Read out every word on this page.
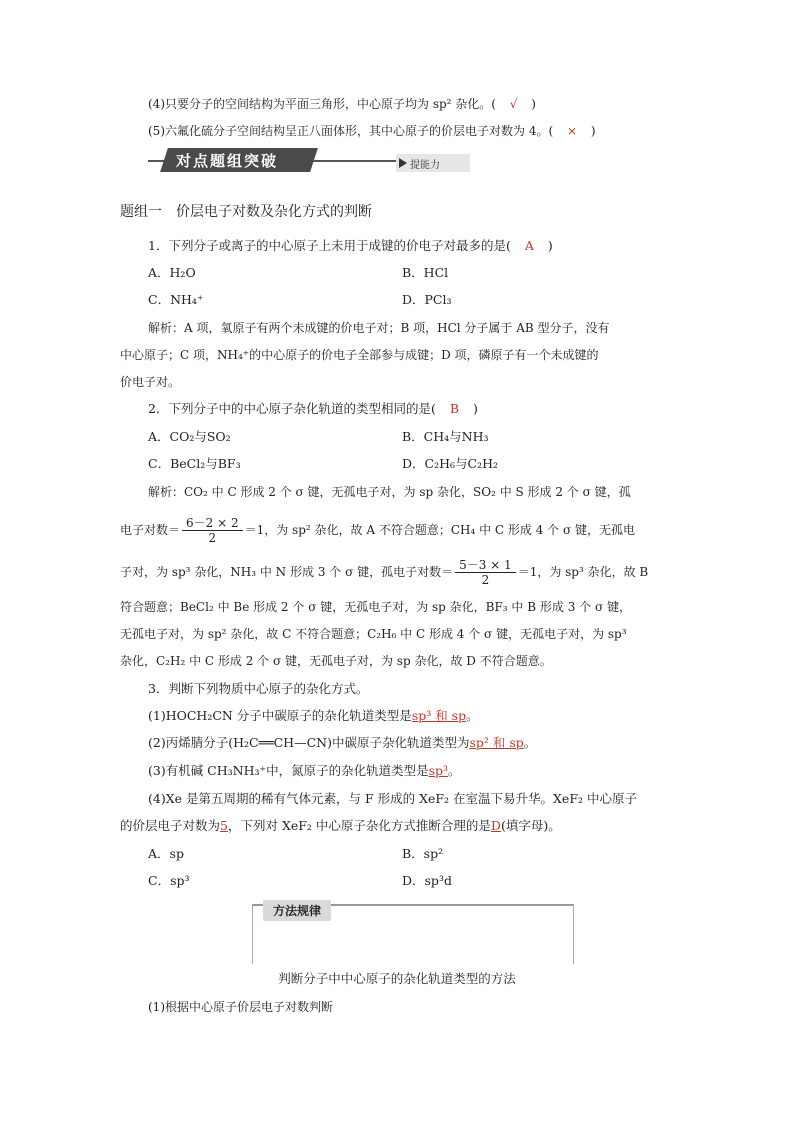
(4)只要分子的空间结构为平面三角形，中心原子均为 sp² 杂化。( √ )
(5)六氟化硫分子空间结构呈正八面体形，其中心原子的价层电子对数为 4。( × )
对点题组突破	提能力
题组一　价层电子对数及杂化方式的判断
1．下列分子或离子的中心原子上未用于成键的价电子对最多的是( A )
A．H₂O	B．HCl
C．NH₄⁺	D．PCl₃
解析：A 项，氧原子有两个未成键的价电子对；B 项，HCl 分子属于 AB 型分子，没有
中心原子；C 项，NH₄⁺的中心原子的价电子全部参与成键；D 项，磷原子有一个未成键的
价电子对。
2．下列分子中的中心原子杂化轨道的类型相同的是( B )
A．CO₂与SO₂	B．CH₄与NH₃
C．BeCl₂与BF₃	D．C₂H₆与C₂H₂
解析：CO₂ 中 C 形成 2 个 σ 键，无孤电子对，为 sp 杂化，SO₂ 中 S 形成 2 个 σ 键，孤
电子对数＝ $\frac{6-2 \times 2}{2} =1$，为 sp² 杂化，故 A 不符合题意；CH₄ 中 C 形成 4 个 σ 键，无孤电
子对，为 sp³ 杂化，NH₃ 中 N 形成 3 个 σ 键，孤电子对数＝ $\frac{5-3 \times 1}{2} =1$，为 sp³ 杂化，故 B
符合题意；BeCl₂ 中 Be 形成 2 个 σ 键，无孤电子对，为 sp 杂化，BF₃ 中 B 形成 3 个 σ 键，
无孤电子对，为 sp² 杂化，故 C 不符合题意；C₂H₆ 中 C 形成 4 个 σ 键，无孤电子对，为 sp³
杂化，C₂H₂ 中 C 形成 2 个 σ 键，无孤电子对，为 sp 杂化，故 D 不符合题意。
3．判断下列物质中心原子的杂化方式。
(1)HOCH₂CN 分子中碳原子的杂化轨道类型是sp³ 和 sp。
(2)丙烯腈分子(H₂C══CH—CN)中碳原子杂化轨道类型为sp² 和 sp。
(3)有机碱 CH₃NH₃⁺中，氮原子的杂化轨道类型是sp³。
(4)Xe 是第五周期的稀有气体元素，与 F 形成的 XeF₂ 在室温下易升华。XeF₂ 中心原子
的价层电子对数为5，下列对 XeF₂ 中心原子杂化方式推断合理的是D(填字母)。
A．sp	B．sp²
C．sp³	D．sp³d
方法规律
判断分子中中心原子的杂化轨道类型的方法
(1)根据中心原子价层电子对数判断
